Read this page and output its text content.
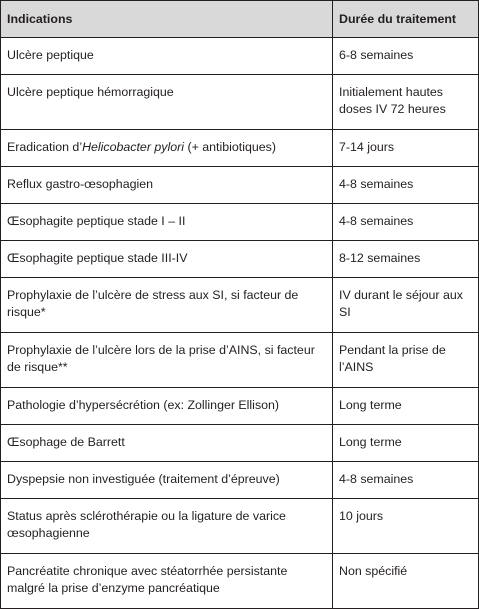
Indications	Durée du traitement
Ulcère peptique	6-8 semaines
Ulcère peptique hémorragique	Initialement hautes doses IV 72 heures
Eradication d’Helicobacter pylori (+ antibiotiques)	7-14 jours
Reflux gastro-œsophagien	4-8 semaines
Œsophagite peptique stade I – II	4-8 semaines
Œsophagite peptique stade III-IV	8-12 semaines
Prophylaxie de l’ulcère de stress aux SI, si facteur de risque*	IV durant le séjour aux SI
Prophylaxie de l’ulcère lors de la prise d’AINS, si facteur de risque**	Pendant la prise de l’AINS
Pathologie d’hypersécrétion (ex: Zollinger Ellison)	Long terme
Œsophage de Barrett	Long terme
Dyspepsie non investiguée (traitement d’épreuve)	4-8 semaines
Status après sclérothérapie ou la ligature de varice œsophagienne	10 jours
Pancréatite chronique avec stéatorrhée persistante malgré la prise d’enzyme pancréatique	Non spécifié
